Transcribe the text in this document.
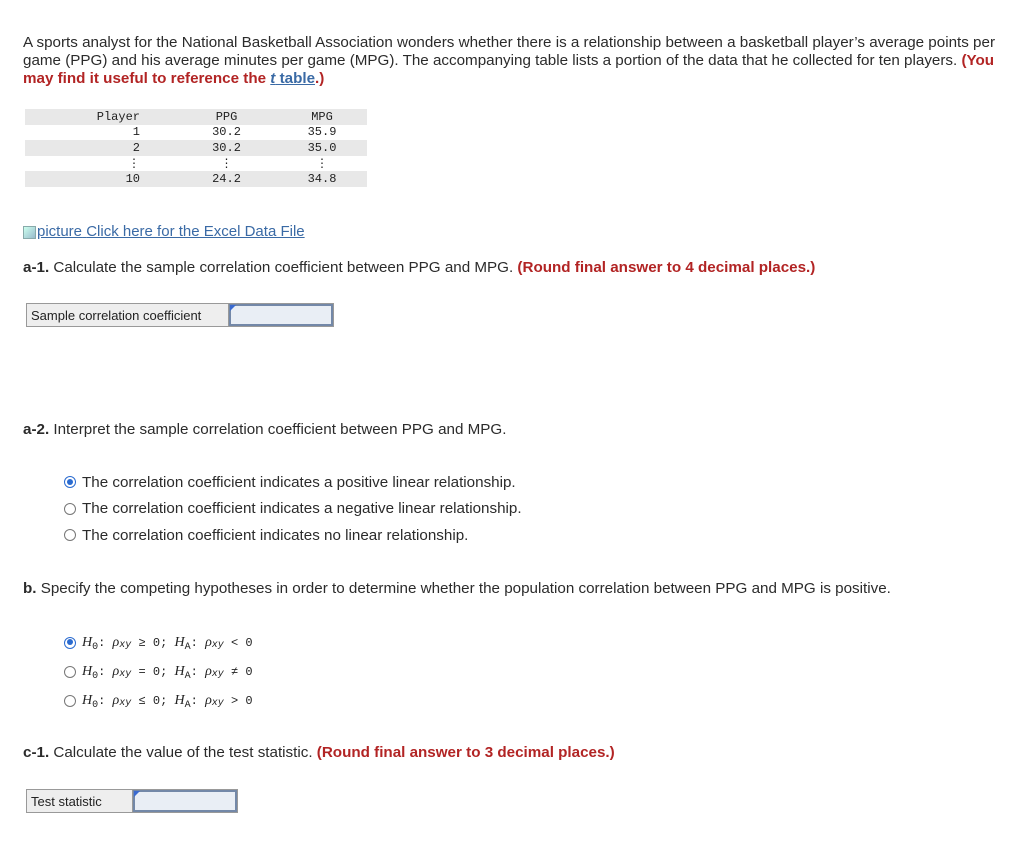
A sports analyst for the National Basketball Association wonders whether there is a relationship between a basketball player’s average points per game (PPG) and his average minutes per game (MPG). The accompanying table lists a portion of the data that he collected for ten players. (You may find it useful to reference the t table.)
Player	PPG	MPG
1	30.2	35.9
2	30.2	35.0
⋮	⋮	⋮
10	24.2	34.8
picture
Click here for the Excel Data File
a-1. Calculate the sample correlation coefficient between PPG and MPG. (Round final answer to 4 decimal places.)
Sample correlation coefficient
a-2. Interpret the sample correlation coefficient between PPG and MPG.
The correlation coefficient indicates a positive linear relationship.
The correlation coefficient indicates a negative linear relationship.
The correlation coefficient indicates no linear relationship.
b. Specify the competing hypotheses in order to determine whether the population correlation between PPG and MPG is positive.
$H_0$: ρ xy
≥ 0;
$H_A$: ρ xy
< 0
$H_0$: ρ xy
= 0;
$H_A$: ρ xy
≠ 0
$H_0$: ρ xy
≤ 0;
$H_A$: ρ xy
> 0
c-1. Calculate the value of the test statistic. (Round final answer to 3 decimal places.)
Test statistic
